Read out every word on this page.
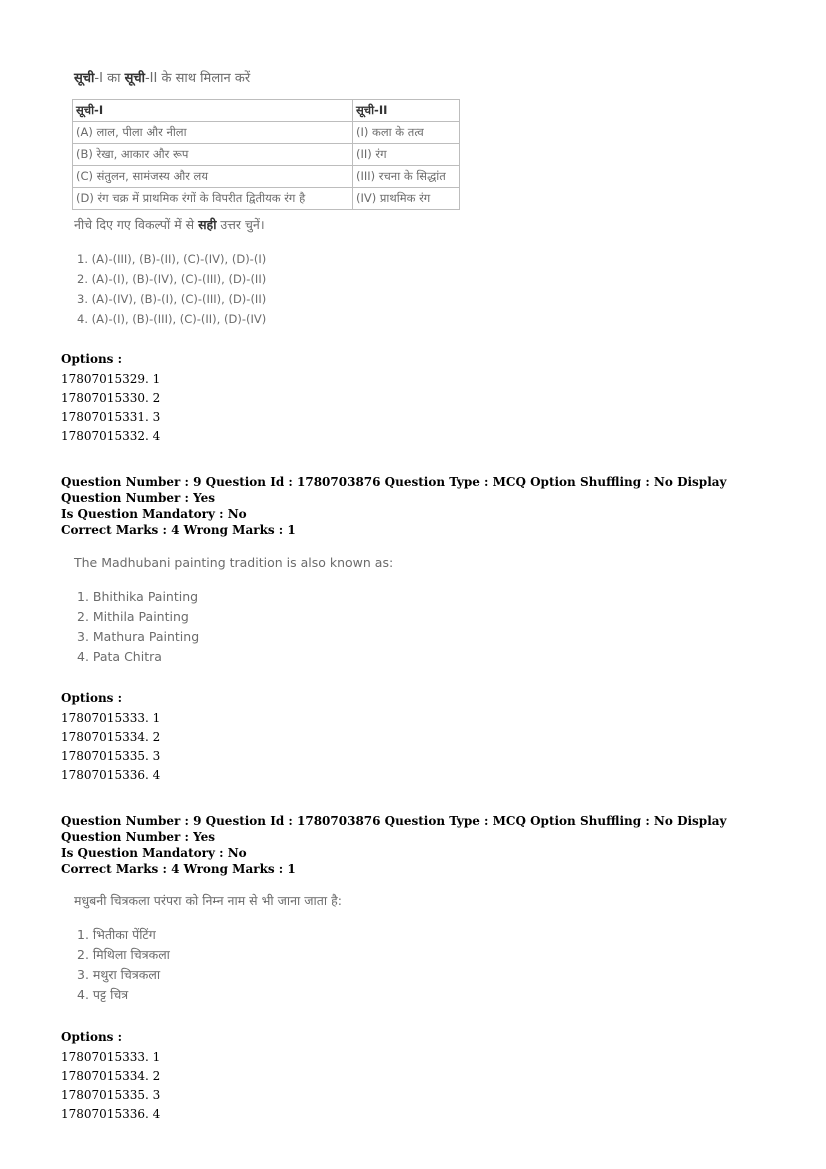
सूची-I का सूची-II के साथ मिलान करें
सूची-I	सूची-II
(A) लाल, पीला और नीला	(I) कला के तत्व
(B) रेखा, आकार और रूप	(II) रंग
(C) संतुलन, सामंजस्य और लय	(III) रचना के सिद्धांत
(D) रंग चक्र में प्राथमिक रंगों के विपरीत द्वितीयक रंग है	(IV) प्राथमिक रंग
नीचे दिए गए विकल्पों में से सही उत्तर चुनें।
1. (A)-(III), (B)-(II), (C)-(IV), (D)-(I)
2. (A)-(I), (B)-(IV), (C)-(III), (D)-(II)
3. (A)-(IV), (B)-(I), (C)-(III), (D)-(II)
4. (A)-(I), (B)-(III), (C)-(II), (D)-(IV)
Options :
17807015329. 1
17807015330. 2
17807015331. 3
17807015332. 4
Question Number : 9 Question Id : 1780703876 Question Type : MCQ Option Shuffling : No Display Question Number : Yes
Is Question Mandatory : No
Correct Marks : 4 Wrong Marks : 1
The Madhubani painting tradition is also known as:
1. Bhithika Painting
2. Mithila Painting
3. Mathura Painting
4. Pata Chitra
Options :
17807015333. 1
17807015334. 2
17807015335. 3
17807015336. 4
Question Number : 9 Question Id : 1780703876 Question Type : MCQ Option Shuffling : No Display Question Number : Yes
Is Question Mandatory : No
Correct Marks : 4 Wrong Marks : 1
मधुबनी चित्रकला परंपरा को निम्न नाम से भी जाना जाता है:
1. भितीका पेंटिंग
2. मिथिला चित्रकला
3. मथुरा चित्रकला
4. पट्ट चित्र
Options :
17807015333. 1
17807015334. 2
17807015335. 3
17807015336. 4
